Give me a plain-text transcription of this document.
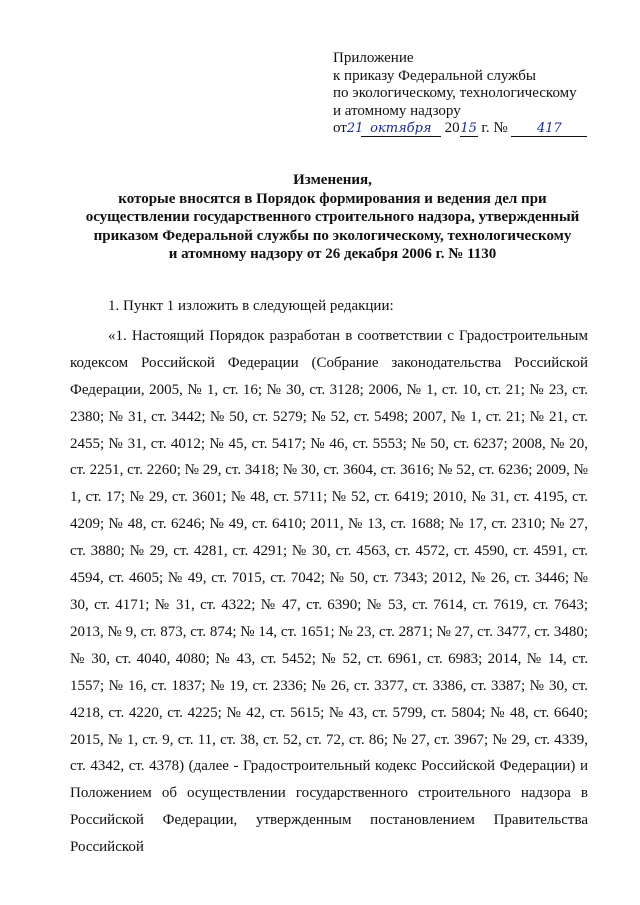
Приложение
к приказу Федеральной службы
по экологическому, технологическому
и атомному надзору
от21 октября 2015 г. № 417
Изменения,
которые вносятся в Порядок формирования и ведения дел при
осуществлении государственного строительного надзора, утвержденный
приказом Федеральной службы по экологическому, технологическому
и атомному надзору от 26 декабря 2006 г. № 1130

1. Пункт 1 изложить в следующей редакции:

«1. Настоящий Порядок разработан в соответствии с Градостроительным кодексом Российской Федерации (Собрание законодательства Российской Федерации, 2005, № 1, ст. 16; № 30, ст. 3128; 2006, № 1, ст. 10, ст. 21; № 23, ст. 2380; № 31, ст. 3442; № 50, ст. 5279; № 52, ст. 5498; 2007, № 1, ст. 21; № 21, ст. 2455; № 31, ст. 4012; № 45, ст. 5417; № 46, ст. 5553; № 50, ст. 6237; 2008, № 20, ст. 2251, ст. 2260; № 29, ст. 3418; № 30, ст. 3604, ст. 3616; № 52, ст. 6236; 2009, № 1, ст. 17; № 29, ст. 3601; № 48, ст. 5711; № 52, ст. 6419; 2010, № 31, ст. 4195, ст. 4209; № 48, ст. 6246; № 49, ст. 6410; 2011, № 13, ст. 1688; № 17, ст. 2310; № 27, ст. 3880; № 29, ст. 4281, ст. 4291; № 30, ст. 4563, ст. 4572, ст. 4590, ст. 4591, ст. 4594, ст. 4605; № 49, ст. 7015, ст. 7042; № 50, ст. 7343; 2012, № 26, ст. 3446; № 30, ст. 4171; № 31, ст. 4322; № 47, ст. 6390; № 53, ст. 7614, ст. 7619, ст. 7643; 2013, № 9, ст. 873, ст. 874; № 14, ст. 1651; № 23, ст. 2871; № 27, ст. 3477, ст. 3480; № 30, ст. 4040, 4080; № 43, ст. 5452; № 52, ст. 6961, ст. 6983; 2014, № 14, ст. 1557; № 16, ст. 1837; № 19, ст. 2336; № 26, ст. 3377, ст. 3386, ст. 3387; № 30, ст. 4218, ст. 4220, ст. 4225; № 42, ст. 5615; № 43, ст. 5799, ст. 5804; № 48, ст. 6640; 2015, № 1, ст. 9, ст. 11, ст. 38, ст. 52, ст. 72, ст. 86; № 27, ст. 3967; № 29, ст. 4339, ст. 4342, ст. 4378) (далее - Градостроительный кодекс Российской Федерации) и Положением об осуществлении государственного строительного надзора в Российской Федерации, утвержденным постановлением Правительства Российской
